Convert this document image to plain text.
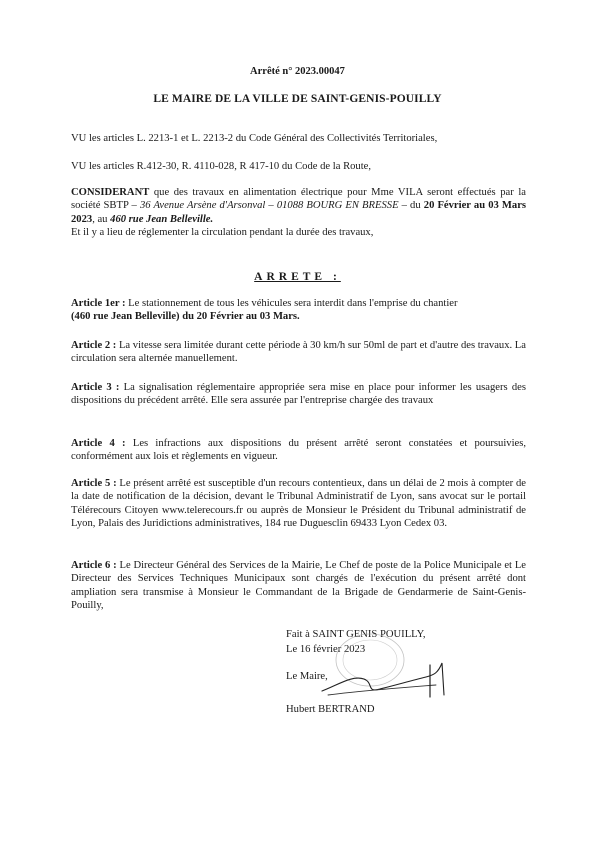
Arrêté n° 2023.00047
LE MAIRE DE LA VILLE DE SAINT-GENIS-POUILLY
VU les articles L. 2213-1 et L. 2213-2 du Code Général des Collectivités Territoriales,
VU les articles R.412-30, R. 4110-028, R 417-10 du Code de la Route,
CONSIDERANT que des travaux en alimentation électrique pour Mme VILA seront effectués par la société SBTP – 36 Avenue Arsène d'Arsonval – 01088 BOURG EN BRESSE – du 20 Février au 03 Mars 2023, au 460 rue Jean Belleville.
Et il y a lieu de réglementer la circulation pendant la durée des travaux,
ARRETE :
Article 1er : Le stationnement de tous les véhicules sera interdit dans l'emprise du chantier
(460 rue Jean Belleville) du 20 Février au 03 Mars.
Article 2 : La vitesse sera limitée durant cette période à 30 km/h sur 50ml de part et d'autre des travaux. La circulation sera alternée manuellement.
Article 3 : La signalisation réglementaire appropriée sera mise en place pour informer les usagers des dispositions du précédent arrêté. Elle sera assurée par l'entreprise chargée des travaux
Article 4 : Les infractions aux dispositions du présent arrêté seront constatées et poursuivies, conformément aux lois et règlements en vigueur.
Article 5 : Le présent arrêté est susceptible d'un recours contentieux, dans un délai de 2 mois à compter de la date de notification de la décision, devant le Tribunal Administratif de Lyon, sans avocat sur le portail Télérecours Citoyen www.telerecours.fr ou auprès de Monsieur le Président du Tribunal administratif de Lyon, Palais des Juridictions administratives, 184 rue Duguesclin 69433 Lyon Cedex 03.
Article 6 : Le Directeur Général des Services de la Mairie, Le Chef de poste de la Police Municipale et Le Directeur des Services Techniques Municipaux sont chargés de l'exécution du présent arrêté dont ampliation sera transmise à Monsieur le Commandant de la Brigade de Gendarmerie de Saint-Genis-Pouilly,
Fait à SAINT GENIS POUILLY,
Le 16 février 2023
Le Maire,
Hubert BERTRAND
